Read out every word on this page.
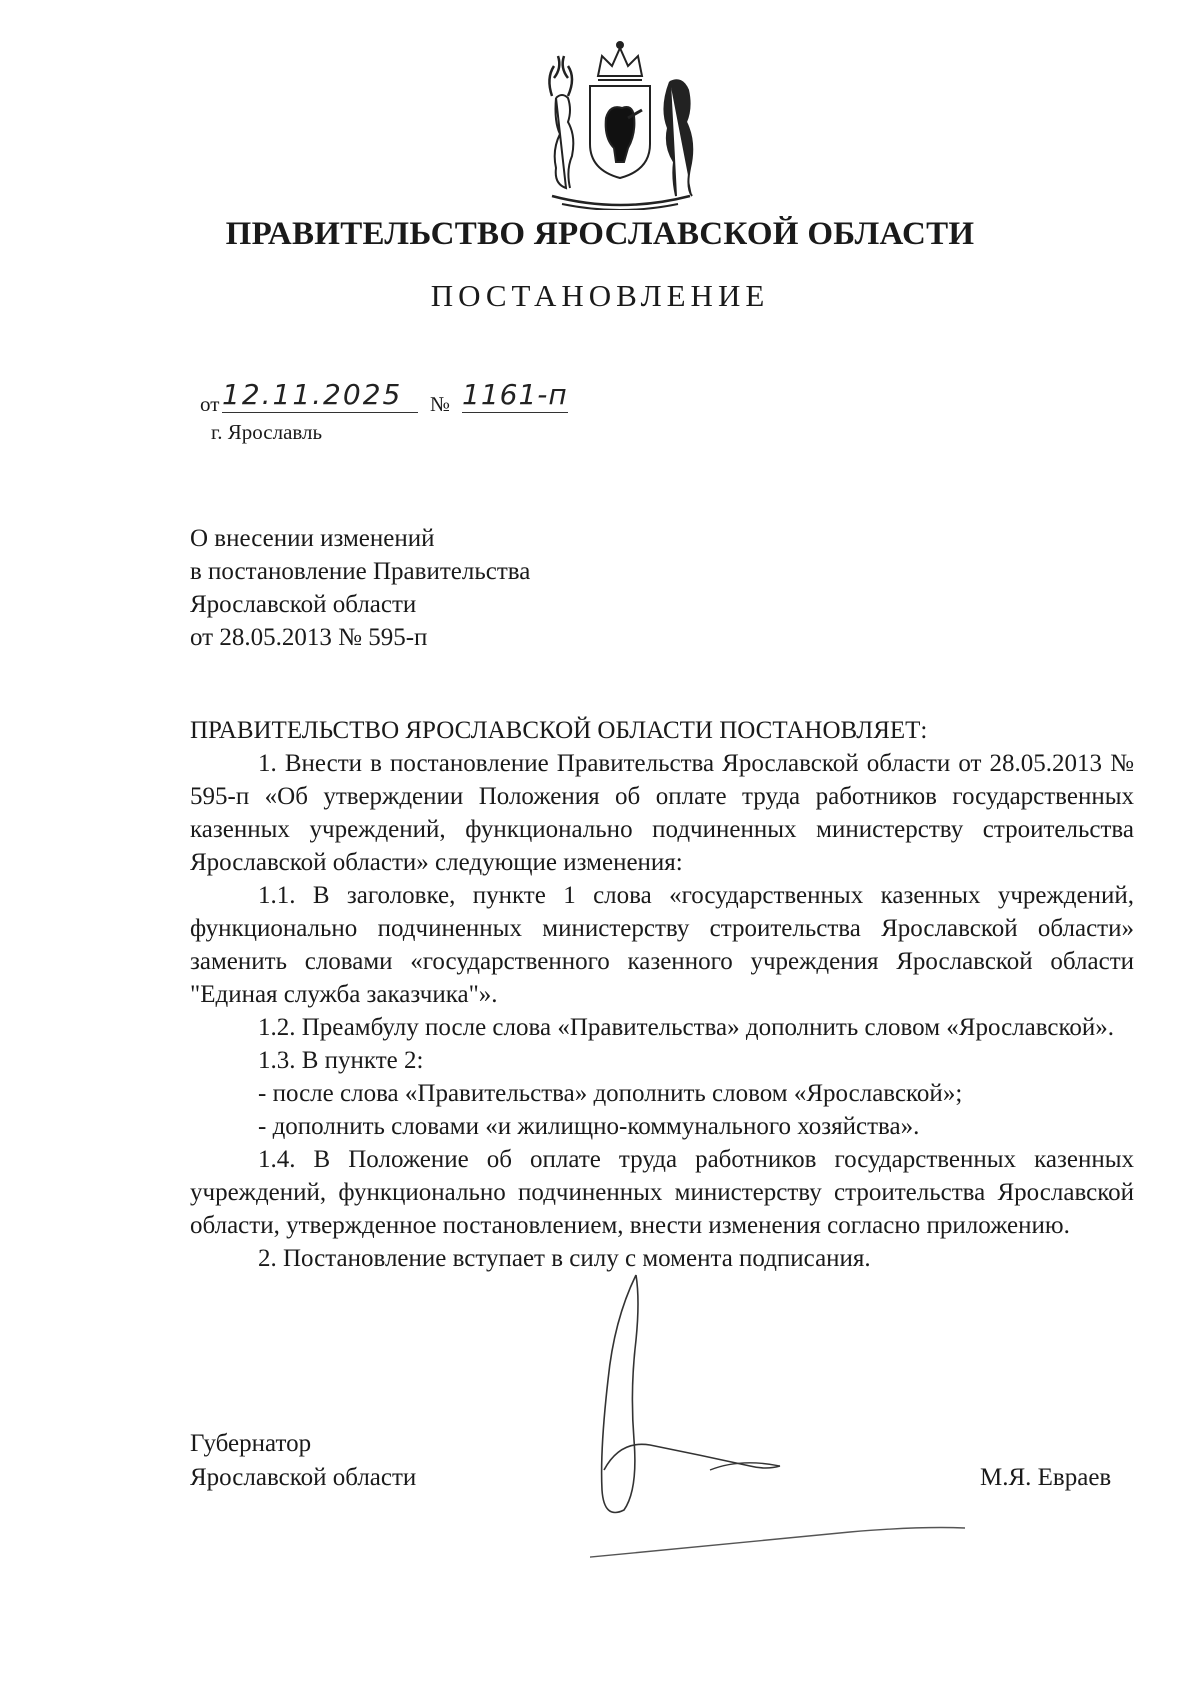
ПРАВИТЕЛЬСТВО ЯРОСЛАВСКОЙ ОБЛАСТИ
ПОСТАНОВЛЕНИЕ
от 12.11.2025	№ 1161-п
г. Ярославль
О внесении изменений
в постановление Правительства
Ярославской области
от 28.05.2013 № 595-п
ПРАВИТЕЛЬСТВО ЯРОСЛАВСКОЙ ОБЛАСТИ ПОСТАНОВЛЯЕТ:

1. Внести в постановление Правительства Ярославской области от 28.05.2013 № 595-п «Об утверждении Положения об оплате труда работников государственных казенных учреждений, функционально подчиненных министерству строительства Ярославской области» следующие изменения:

1.1. В заголовке, пункте 1 слова «государственных казенных учреждений, функционально подчиненных министерству строительства Ярославской области» заменить словами «государственного казенного учреждения Ярославской области "Единая служба заказчика"».

1.2. Преамбулу после слова «Правительства» дополнить словом «Ярославской».

1.3. В пункте 2:

- после слова «Правительства» дополнить словом «Ярославской»;

- дополнить словами «и жилищно-коммунального хозяйства».

1.4. В Положение об оплате труда работников государственных казенных учреждений, функционально подчиненных министерству строительства Ярославской области, утвержденное постановлением, внести изменения согласно приложению.

2. Постановление вступает в силу с момента подписания.

Губернатор
Ярославской области	М.Я. Евраев
